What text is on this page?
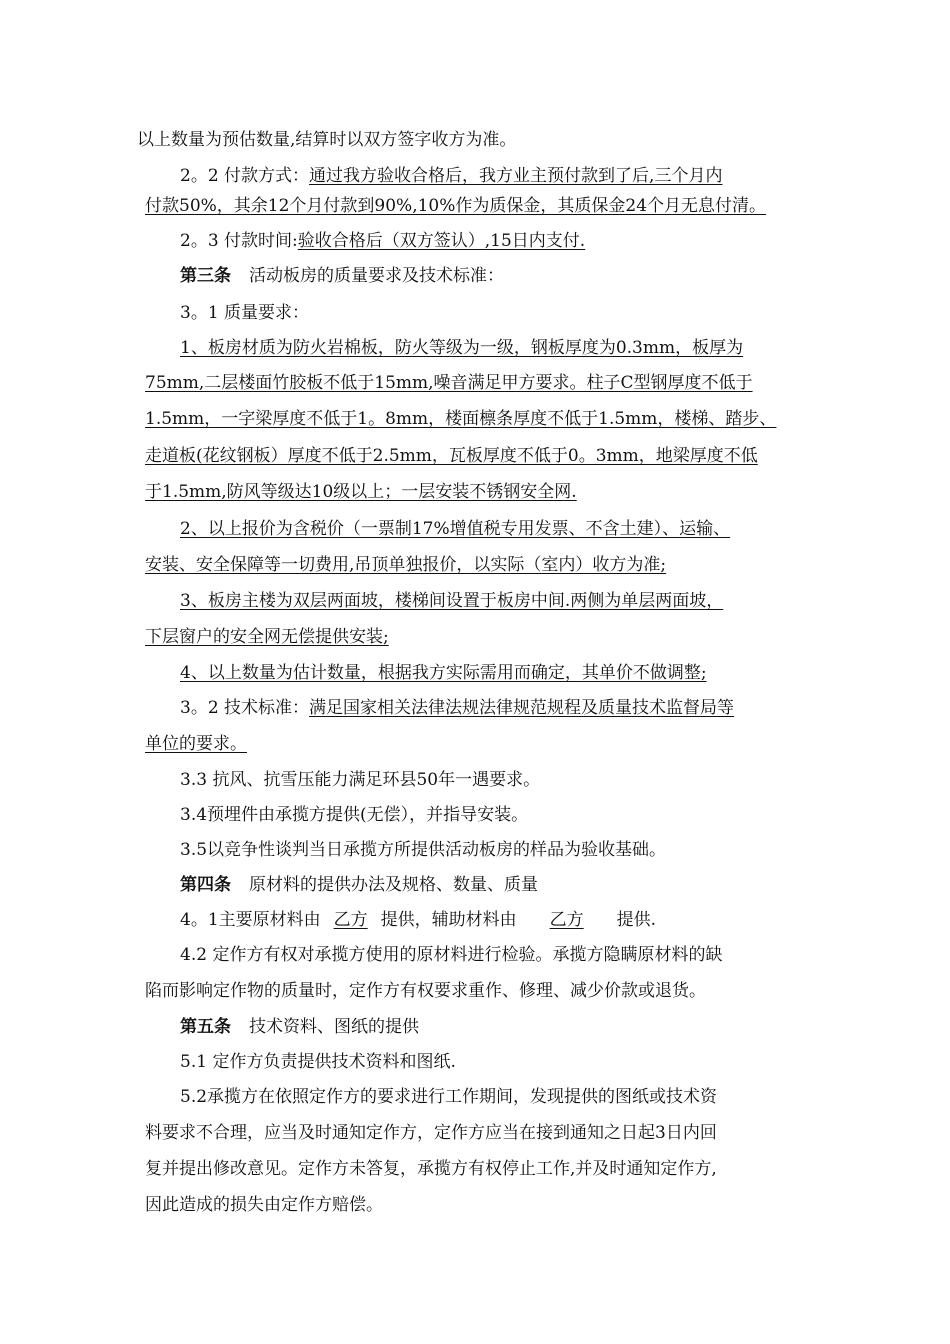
以上数量为预估数量,结算时以双方签字收方为准。
2。2 付款方式：通过我方验收合格后，我方业主预付款到了后,三个月内
付款50%，其余12个月付款到90%,10%作为质保金，其质保金24个月无息付清。
2。3 付款时间:验收合格后（双方签认）,15日内支付.
第三条 活动板房的质量要求及技术标准：
3。1 质量要求：
1、板房材质为防火岩棉板，防火等级为一级，钢板厚度为0.3mm，板厚为
75mm,二层楼面竹胶板不低于15mm,噪音满足甲方要求。柱子C型钢厚度不低于
1.5mm，一字梁厚度不低于1。8mm，楼面檩条厚度不低于1.5mm，楼梯、踏步、
走道板(花纹钢板）厚度不低于2.5mm，瓦板厚度不低于0。3mm，地梁厚度不低
于1.5mm,防风等级达10级以上；一层安装不锈钢安全网.
2、以上报价为含税价（一票制17%增值税专用发票、不含土建）、运输、
安装、安全保障等一切费用,吊顶单独报价，以实际（室内）收方为准;
3、板房主楼为双层两面坡，楼梯间设置于板房中间.两侧为单层两面坡，
下层窗户的安全网无偿提供安装;
4、以上数量为估计数量，根据我方实际需用而确定，其单价不做调整;
3。2 技术标准：满足国家相关法律法规法律规范规程及质量技术监督局等
单位的要求。
3.3 抗风、抗雪压能力满足环县50年一遇要求。
3.4预埋件由承揽方提供(无偿），并指导安装。
3.5以竞争性谈判当日承揽方所提供活动板房的样品为验收基础。
第四条 原材料的提供办法及规格、数量、质量
4。1主要原材料由 乙方 提供，辅助材料由 乙方 提供.
4.2 定作方有权对承揽方使用的原材料进行检验。承揽方隐瞒原材料的缺
陷而影响定作物的质量时，定作方有权要求重作、修理、减少价款或退货。
第五条 技术资料、图纸的提供
5.1 定作方负责提供技术资料和图纸.
5.2承揽方在依照定作方的要求进行工作期间，发现提供的图纸或技术资
料要求不合理，应当及时通知定作方，定作方应当在接到通知之日起3日内回
复并提出修改意见。定作方未答复，承揽方有权停止工作,并及时通知定作方,
因此造成的损失由定作方赔偿。
